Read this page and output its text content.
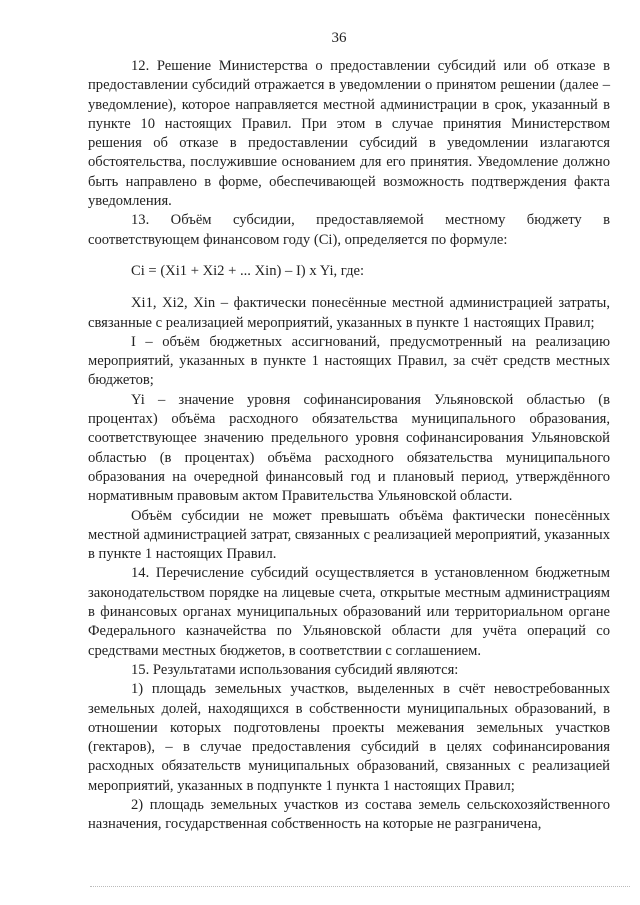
36

12. Решение Министерства о предоставлении субсидий или об отказе в предоставлении субсидий отражается в уведомлении о принятом решении (далее – уведомление), которое направляется местной администрации в срок, указанный в пункте 10 настоящих Правил. При этом в случае принятия Министерством решения об отказе в предоставлении субсидий в уведомлении излагаются обстоятельства, послужившие основанием для его принятия. Уведомление должно быть направлено в форме, обеспечивающей возможность подтверждения факта уведомления.

13. Объём субсидии, предоставляемой местному бюджету в соответствующем финансовом году (Ci), определяется по формуле:

Ci = (Xi1 + Xi2 + ... Xin) – I) x Yi, где:

Xi1, Xi2, Xin – фактически понесённые местной администрацией затраты, связанные с реализацией мероприятий, указанных в пункте 1 настоящих Правил;

I – объём бюджетных ассигнований, предусмотренный на реализацию мероприятий, указанных в пункте 1 настоящих Правил, за счёт средств местных бюджетов;

Yi – значение уровня софинансирования Ульяновской областью (в процентах) объёма расходного обязательства муниципального образования, соответствующее значению предельного уровня софинансирования Ульяновской областью (в процентах) объёма расходного обязательства муниципального образования на очередной финансовый год и плановый период, утверждённого нормативным правовым актом Правительства Ульяновской области.

Объём субсидии не может превышать объёма фактически понесённых местной администрацией затрат, связанных с реализацией мероприятий, указанных в пункте 1 настоящих Правил.

14. Перечисление субсидий осуществляется в установленном бюджетным законодательством порядке на лицевые счета, открытые местным администрациям в финансовых органах муниципальных образований или территориальном органе Федерального казначейства по Ульяновской области для учёта операций со средствами местных бюджетов, в соответствии с соглашением.

15. Результатами использования субсидий являются:

1) площадь земельных участков, выделенных в счёт невостребованных земельных долей, находящихся в собственности муниципальных образований, в отношении которых подготовлены проекты межевания земельных участков (гектаров), – в случае предоставления субсидий в целях софинансирования расходных обязательств муниципальных образований, связанных с реализацией мероприятий, указанных в подпункте 1 пункта 1 настоящих Правил;

2) площадь земельных участков из состава земель сельскохозяйственного назначения, государственная собственность на которые не разграничена,
